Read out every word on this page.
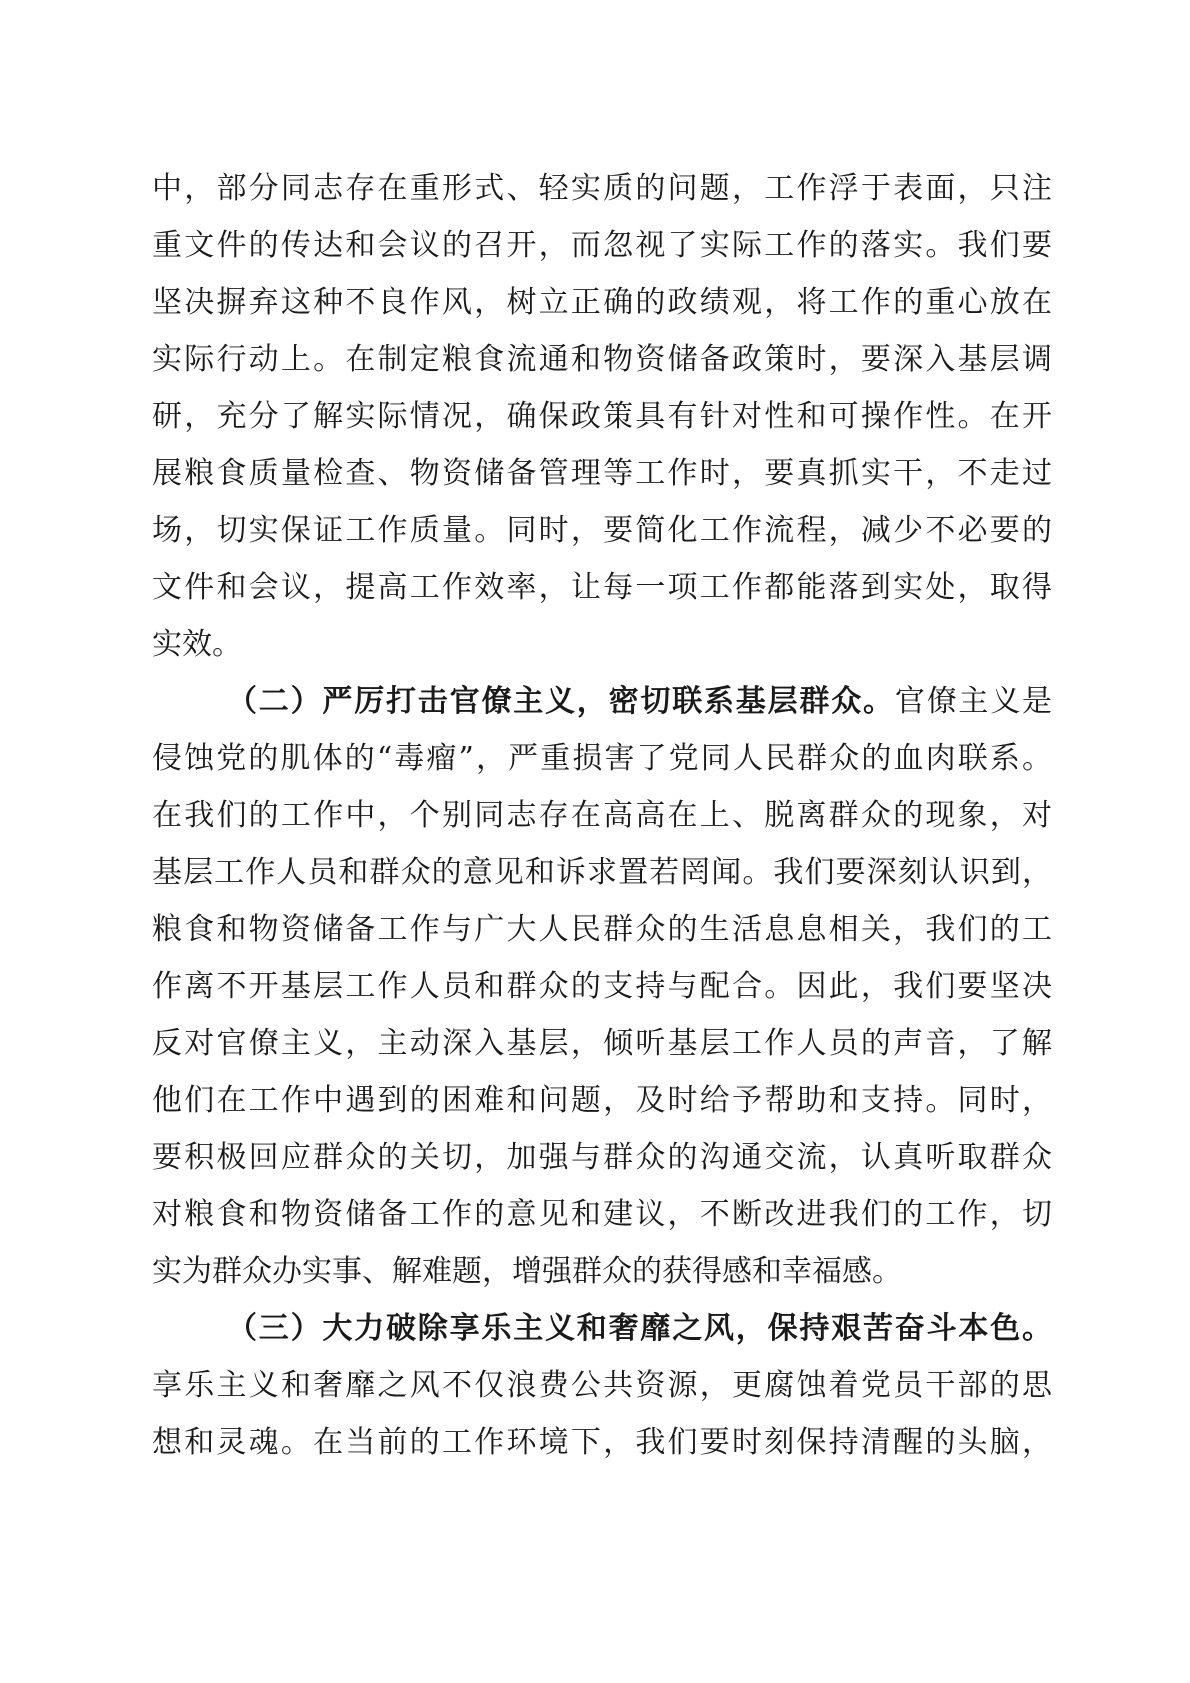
中，部分同志存在重形式、轻实质的问题，工作浮于表面，只注
重文件的传达和会议的召开，而忽视了实际工作的落实。我们要
坚决摒弃这种不良作风，树立正确的政绩观，将工作的重心放在
实际行动上。在制定粮食流通和物资储备政策时，要深入基层调
研，充分了解实际情况，确保政策具有针对性和可操作性。在开
展粮食质量检查、物资储备管理等工作时，要真抓实干，不走过
场，切实保证工作质量。同时，要简化工作流程，减少不必要的
文件和会议，提高工作效率，让每一项工作都能落到实处，取得
实效。
（二）严厉打击官僚主义，密切联系基层群众。官僚主义是
侵蚀党的肌体的“毒瘤”，严重损害了党同人民群众的血肉联系。
在我们的工作中，个别同志存在高高在上、脱离群众的现象，对
基层工作人员和群众的意见和诉求置若罔闻。我们要深刻认识到，
粮食和物资储备工作与广大人民群众的生活息息相关，我们的工
作离不开基层工作人员和群众的支持与配合。因此，我们要坚决
反对官僚主义，主动深入基层，倾听基层工作人员的声音，了解
他们在工作中遇到的困难和问题，及时给予帮助和支持。同时，
要积极回应群众的关切，加强与群众的沟通交流，认真听取群众
对粮食和物资储备工作的意见和建议，不断改进我们的工作，切
实为群众办实事、解难题，增强群众的获得感和幸福感。
（三）大力破除享乐主义和奢靡之风，保持艰苦奋斗本色。
享乐主义和奢靡之风不仅浪费公共资源，更腐蚀着党员干部的思
想和灵魂。在当前的工作环境下，我们要时刻保持清醒的头脑，
